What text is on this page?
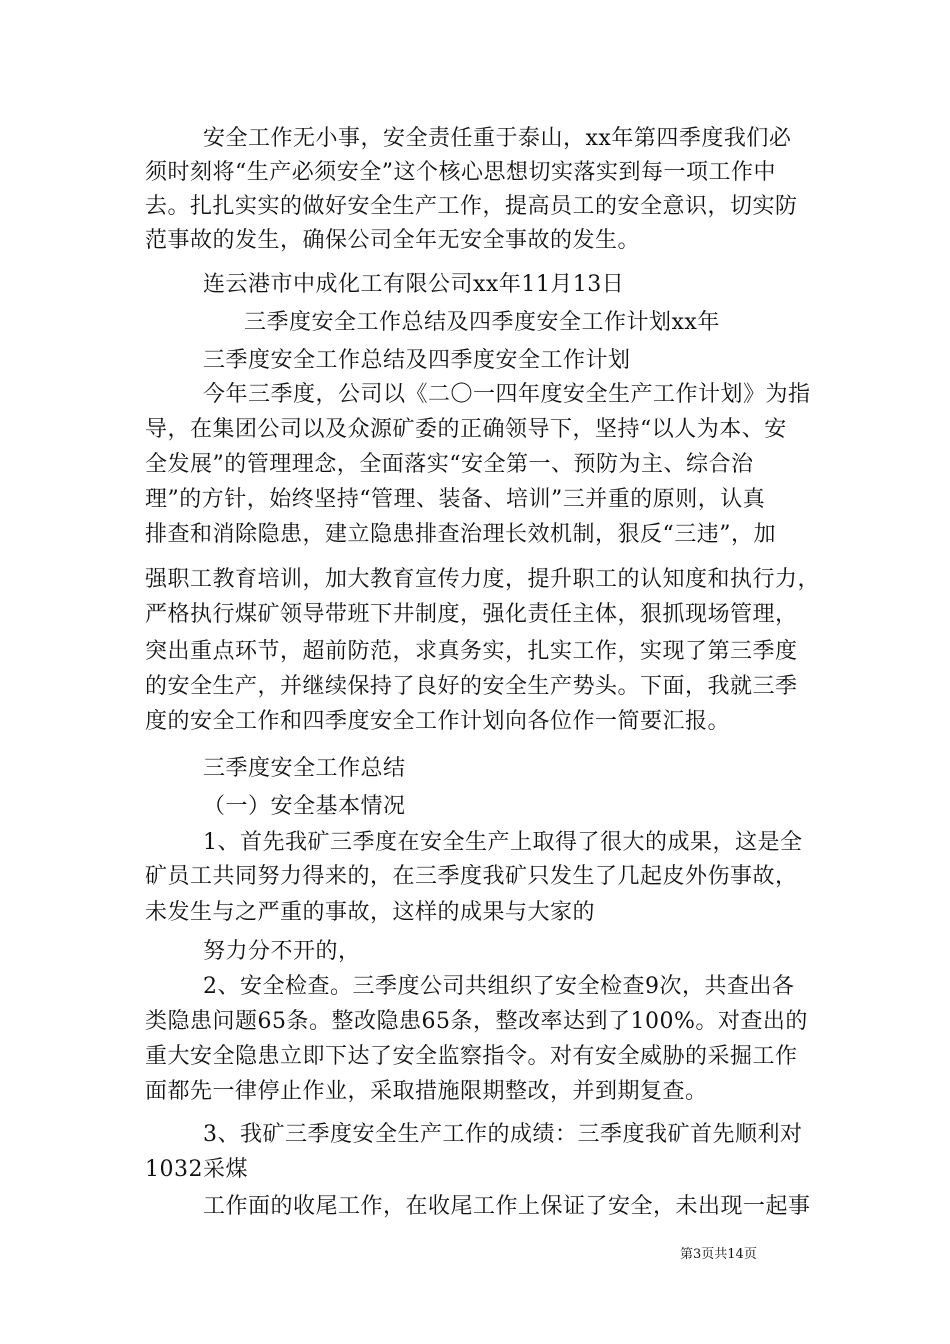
安全工作无小事，安全责任重于泰山，xx年第四季度我们必
须时刻将“生产必须安全”这个核心思想切实落实到每一项工作中
去。扎扎实实的做好安全生产工作，提高员工的安全意识，切实防
范事故的发生，确保公司全年无安全事故的发生。
连云港市中成化工有限公司xx年11月13日
三季度安全工作总结及四季度安全工作计划xx年
三季度安全工作总结及四季度安全工作计划
今年三季度，公司以《二〇一四年度安全生产工作计划》为指
导，在集团公司以及众源矿委的正确领导下，坚持“以人为本、安
全发展”的管理理念，全面落实“安全第一、预防为主、综合治
理”的方针，始终坚持“管理、装备、培训”三并重的原则，认真
排查和消除隐患，建立隐患排查治理长效机制，狠反“三违”，加
强职工教育培训，加大教育宣传力度，提升职工的认知度和执行力，
严格执行煤矿领导带班下井制度，强化责任主体，狠抓现场管理，
突出重点环节，超前防范，求真务实，扎实工作，实现了第三季度
的安全生产，并继续保持了良好的安全生产势头。下面，我就三季
度的安全工作和四季度安全工作计划向各位作一简要汇报。
三季度安全工作总结
（一）安全基本情况
1、首先我矿三季度在安全生产上取得了很大的成果，这是全
矿员工共同努力得来的，在三季度我矿只发生了几起皮外伤事故，
未发生与之严重的事故，这样的成果与大家的
努力分不开的，
2、安全检查。三季度公司共组织了安全检查9次，共查出各
类隐患问题65条。整改隐患65条，整改率达到了100%。对查出的
重大安全隐患立即下达了安全监察指令。对有安全威胁的采掘工作
面都先一律停止作业，采取措施限期整改，并到期复查。
3、我矿三季度安全生产工作的成绩：三季度我矿首先顺利对
1032采煤
工作面的收尾工作，在收尾工作上保证了安全，未出现一起事
第3页共14页
